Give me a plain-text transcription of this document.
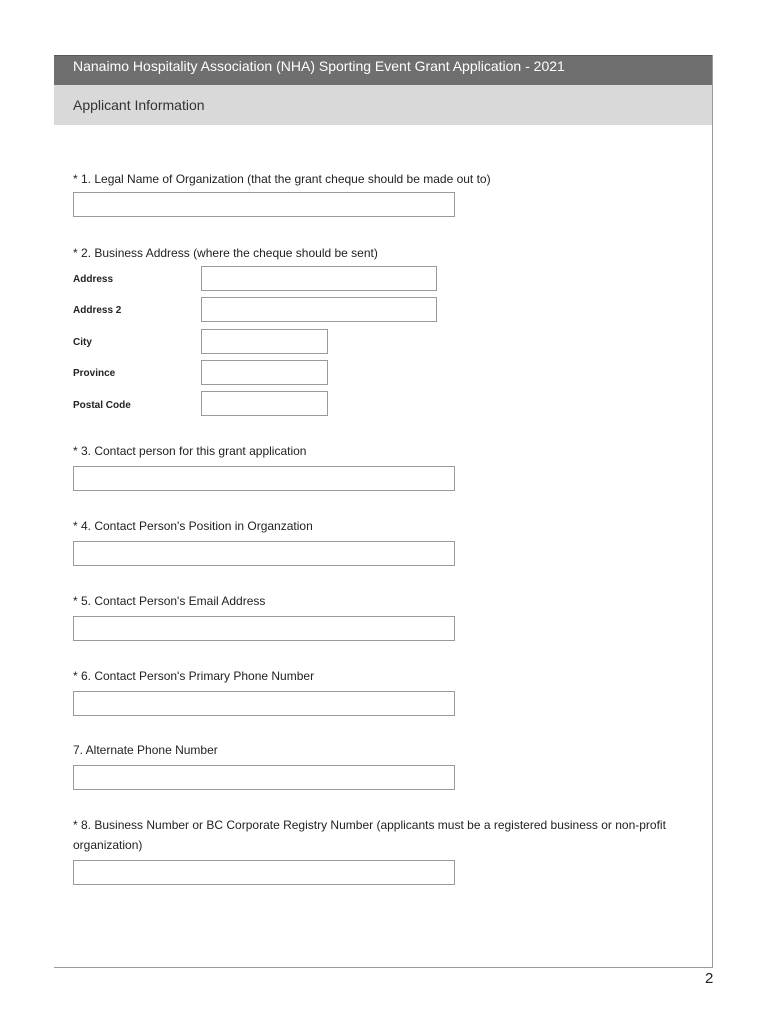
Nanaimo Hospitality Association (NHA) Sporting Event Grant Application - 2021
Applicant Information
* 1. Legal Name of Organization (that the grant cheque should be made out to)
* 2. Business Address (where the cheque should be sent)
Address
Address 2
City
Province
Postal Code
* 3. Contact person for this grant application
* 4. Contact Person's Position in Organzation
* 5. Contact Person's Email Address
* 6. Contact Person's Primary Phone Number
7. Alternate Phone Number
* 8. Business Number or BC Corporate Registry Number (applicants must be a registered business or non-profit organization)
2
